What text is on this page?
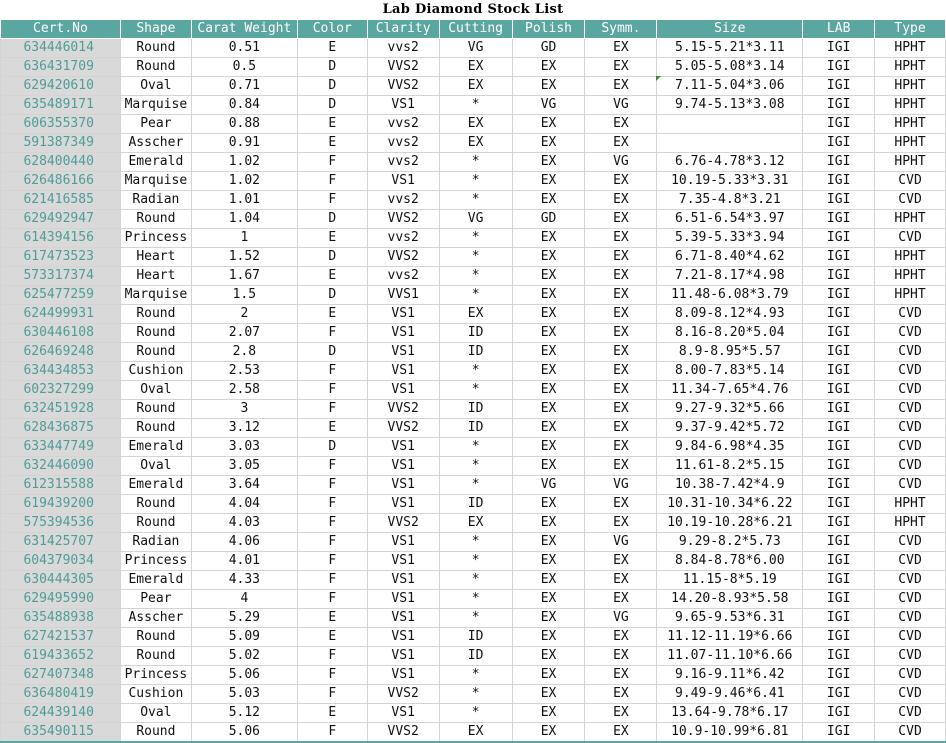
Lab Diamond Stock List
Cert.No	Shape	Carat Weight	Color	Clarity	Cutting	Polish	Symm.	Size	LAB	Type
634446014	Round	0.51	E	vvs2	VG	GD	EX	5.15-5.21*3.11	IGI	HPHT
636431709	Round	0.5	D	VVS2	EX	EX	EX	5.05-5.08*3.14	IGI	HPHT
629420610	Oval	0.71	D	VVS2	EX	EX	EX	7.11-5.04*3.06	IGI	HPHT
635489171	Marquise	0.84	D	VS1	*	VG	VG	9.74-5.13*3.08	IGI	HPHT
606355370	Pear	0.88	E	vvs2	EX	EX	EX		IGI	HPHT
591387349	Asscher	0.91	E	vvs2	EX	EX	EX		IGI	HPHT
628400440	Emerald	1.02	F	vvs2	*	EX	VG	6.76-4.78*3.12	IGI	HPHT
626486166	Marquise	1.02	F	VS1	*	EX	EX	10.19-5.33*3.31	IGI	CVD
621416585	Radian	1.01	F	vvs2	*	EX	EX	7.35-4.8*3.21	IGI	CVD
629492947	Round	1.04	D	VVS2	VG	GD	EX	6.51-6.54*3.97	IGI	HPHT
614394156	Princess	1	E	vvs2	*	EX	EX	5.39-5.33*3.94	IGI	CVD
617473523	Heart	1.52	D	VVS2	*	EX	EX	6.71-8.40*4.62	IGI	HPHT
573317374	Heart	1.67	E	vvs2	*	EX	EX	7.21-8.17*4.98	IGI	HPHT
625477259	Marquise	1.5	D	VVS1	*	EX	EX	11.48-6.08*3.79	IGI	HPHT
624499931	Round	2	E	VS1	EX	EX	EX	8.09-8.12*4.93	IGI	CVD
630446108	Round	2.07	F	VS1	ID	EX	EX	8.16-8.20*5.04	IGI	CVD
626469248	Round	2.8	D	VS1	ID	EX	EX	8.9-8.95*5.57	IGI	CVD
634434853	Cushion	2.53	F	VS1	*	EX	EX	8.00-7.83*5.14	IGI	CVD
602327299	Oval	2.58	F	VS1	*	EX	EX	11.34-7.65*4.76	IGI	CVD
632451928	Round	3	F	VVS2	ID	EX	EX	9.27-9.32*5.66	IGI	CVD
628436875	Round	3.12	E	VVS2	ID	EX	EX	9.37-9.42*5.72	IGI	CVD
633447749	Emerald	3.03	D	VS1	*	EX	EX	9.84-6.98*4.35	IGI	CVD
632446090	Oval	3.05	F	VS1	*	EX	EX	11.61-8.2*5.15	IGI	CVD
612315588	Emerald	3.64	F	VS1	*	VG	VG	10.38-7.42*4.9	IGI	CVD
619439200	Round	4.04	F	VS1	ID	EX	EX	10.31-10.34*6.22	IGI	HPHT
575394536	Round	4.03	F	VVS2	EX	EX	EX	10.19-10.28*6.21	IGI	HPHT
631425707	Radian	4.06	F	VS1	*	EX	VG	9.29-8.2*5.73	IGI	CVD
604379034	Princess	4.01	F	VS1	*	EX	EX	8.84-8.78*6.00	IGI	CVD
630444305	Emerald	4.33	F	VS1	*	EX	EX	11.15-8*5.19	IGI	CVD
629495990	Pear	4	F	VS1	*	EX	EX	14.20-8.93*5.58	IGI	CVD
635488938	Asscher	5.29	E	VS1	*	EX	VG	9.65-9.53*6.31	IGI	CVD
627421537	Round	5.09	E	VS1	ID	EX	EX	11.12-11.19*6.66	IGI	CVD
619433652	Round	5.02	F	VS1	ID	EX	EX	11.07-11.10*6.66	IGI	CVD
627407348	Princess	5.06	F	VS1	*	EX	EX	9.16-9.11*6.42	IGI	CVD
636480419	Cushion	5.03	F	VVS2	*	EX	EX	9.49-9.46*6.41	IGI	CVD
624439140	Oval	5.12	E	VS1	*	EX	EX	13.64-9.78*6.17	IGI	CVD
635490115	Round	5.06	F	VVS2	EX	EX	EX	10.9-10.99*6.81	IGI	CVD
